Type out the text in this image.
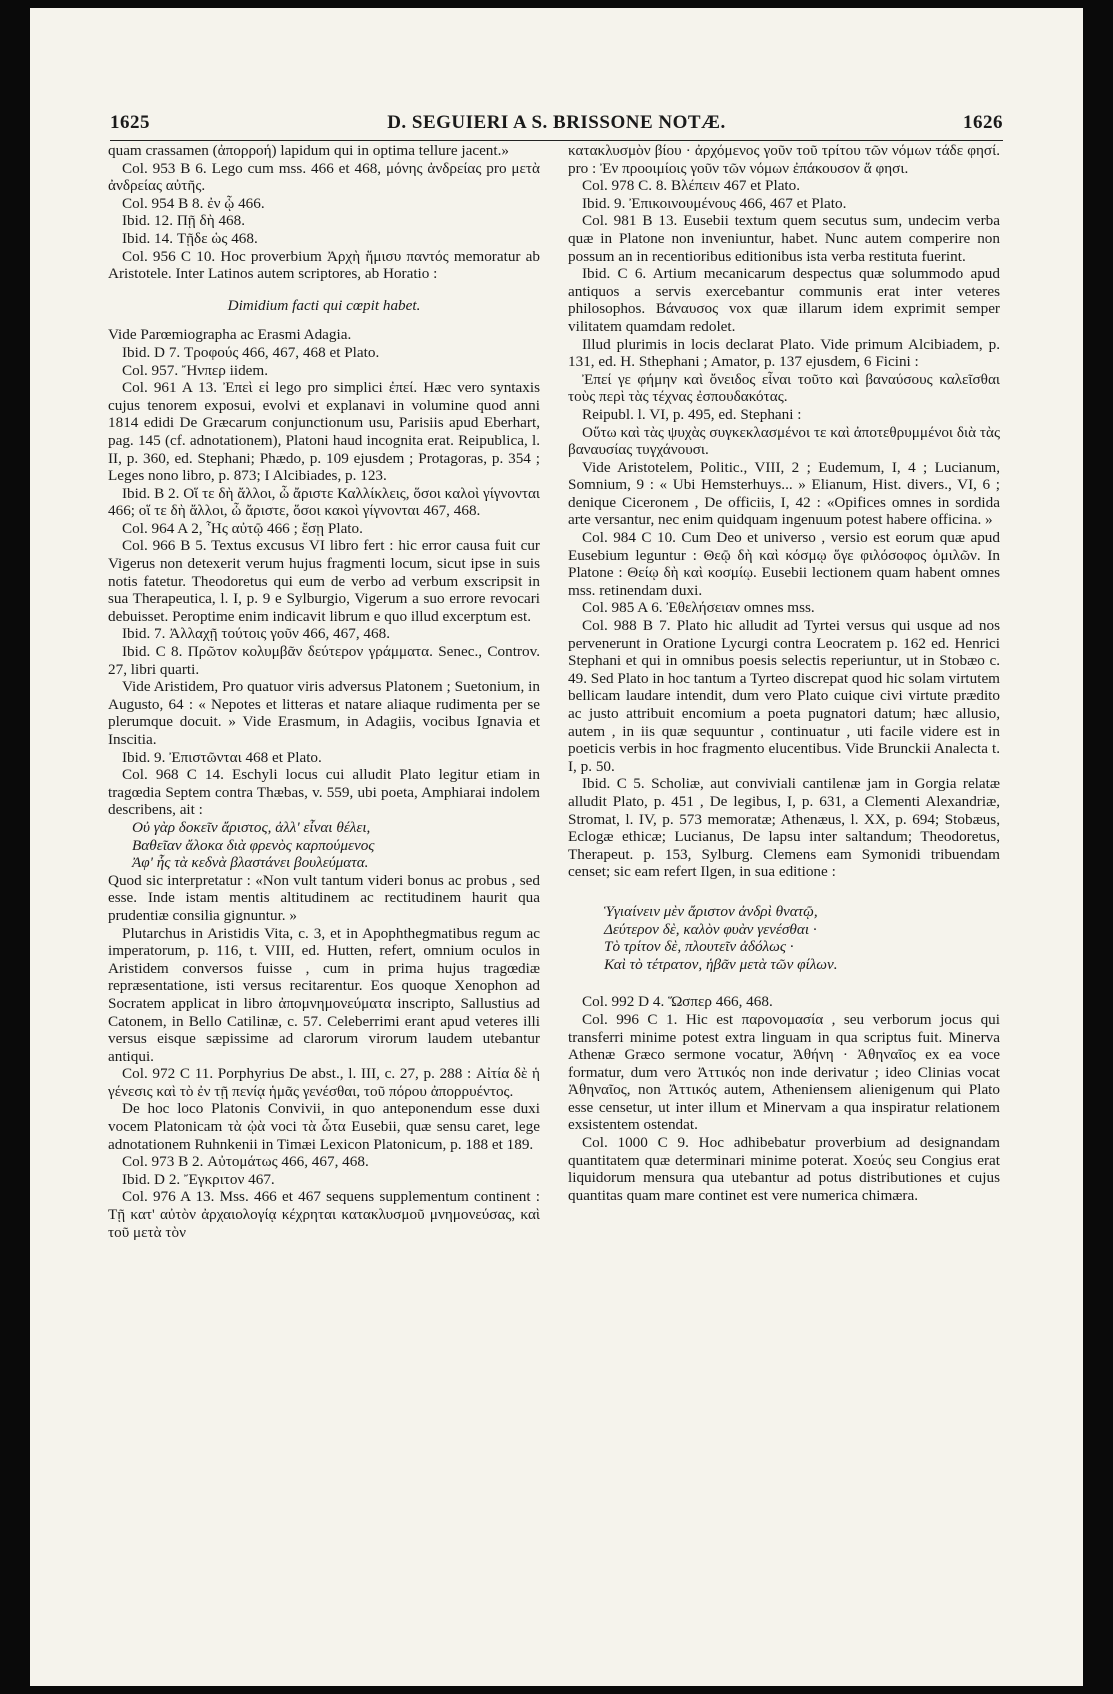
1625	D. SEGUIERI A S. BRISSONE NOTÆ.	1626

quam crassamen (ἀπορροή) lapidum qui in optima tellure jacent.»

Col. 953 B 6. Lego cum mss. 466 et 468, μόνης ἀνδρείας pro μετὰ ἀνδρείας αὐτῆς.

Col. 954 B 8. ἐν ᾧ 466.

Ibid. 12. Πῇ δὴ 468.

Ibid. 14. Τῇδε ὡς 468.

Col. 956 C 10. Hoc proverbium Ἀρχὴ ἥμισυ παντός memoratur ab Aristotele. Inter Latinos autem scriptores, ab Horatio :

Dimidium facti qui cœpit habet.

Vide Parœmiographa ac Erasmi Adagia.

Ibid. D 7. Τροφούς 466, 467, 468 et Plato.

Col. 957. Ἤνπερ iidem.

Col. 961 A 13. Ἐπεὶ εἰ lego pro simplici ἐπεί. Hæc vero syntaxis cujus tenorem exposui, evolvi et explanavi in volumine quod anni 1814 edidi De Græcarum conjunctionum usu, Parisiis apud Eberhart, pag. 145 (cf. adnotationem), Platoni haud incognita erat. Reipublica, l. II, p. 360, ed. Stephani; Phædo, p. 109 ejusdem ; Protagoras, p. 354 ; Leges nono libro, p. 873; I Alcibiades, p. 123.

Ibid. B 2. Οἵ τε δὴ ἄλλοι, ὦ ἄριστε Καλλίκλεις, ὅσοι καλοὶ γίγνονται 466; οἵ τε δὴ ἄλλοι, ὦ ἄριστε, ὅσοι κακοὶ γίγνονται 467, 468.

Col. 964 A 2, Ἧς αὐτῷ 466 ; ἔσῃ Plato.

Col. 966 B 5. Textus excusus VI libro fert : hic error causa fuit cur Vigerus non detexerit verum hujus fragmenti locum, sicut ipse in suis notis fatetur. Theodoretus qui eum de verbo ad verbum exscripsit in sua Therapeutica, l. I, p. 9 e Sylburgio, Vigerum a suo errore revocari debuisset. Peroptime enim indicavit librum e quo illud excerptum est.

Ibid. 7. Ἀλλαχῇ τούτοις γοῦν 466, 467, 468.

Ibid. C 8. Πρῶτον κολυμβᾶν δεύτερον γράμματα. Senec., Controv. 27, libri quarti.

Vide Aristidem, Pro quatuor viris adversus Platonem ; Suetonium, in Augusto, 64 : « Nepotes et litteras et natare aliaque rudimenta per se plerumque docuit. » Vide Erasmum, in Adagiis, vocibus Ignavia et Inscitia.

Ibid. 9. Ἐπιστῶνται 468 et Plato.

Col. 968 C 14. Eschyli locus cui alludit Plato legitur etiam in tragœdia Septem contra Thæbas, v. 559, ubi poeta, Amphiarai indolem describens, ait :

Οὐ γὰρ δοκεῖν ἄριστος, ἀλλ' εἶναι θέλει,

Βαθεῖαν ἄλοκα διὰ φρενὸς καρπούμενος

Ἀφ' ἧς τὰ κεδνὰ βλαστάνει βουλεύματα.

Quod sic interpretatur : «Non vult tantum videri bonus ac probus , sed esse. Inde istam mentis altitudinem ac rectitudinem haurit qua prudentiæ consilia gignuntur. »

Plutarchus in Aristidis Vita, c. 3, et in Apophthegmatibus regum ac imperatorum, p. 116, t. VIII, ed. Hutten, refert, omnium oculos in Aristidem conversos fuisse , cum in prima hujus tragœdiæ repræsentatione, isti versus recitarentur. Eos quoque Xenophon ad Socratem applicat in libro ἀπομνημονεύματα inscripto, Sallustius ad Catonem, in Bello Catilinæ, c. 57. Celeberrimi erant apud veteres illi versus eisque sæpissime ad clarorum virorum laudem utebantur antiqui.

Col. 972 C 11. Porphyrius De abst., l. III, c. 27, p. 288 : Αἰτία δὲ ἡ γένεσις καὶ τὸ ἐν τῇ πενίᾳ ἡμᾶς γενέσθαι, τοῦ πόρου ἀπορρυέντος.

De hoc loco Platonis Convivii, in quo anteponendum esse duxi vocem Platonicam τὰ ᾠὰ voci τὰ ὦτα Eusebii, quæ sensu caret, lege adnotationem Ruhnkenii in Timæi Lexicon Platonicum, p. 188 et 189.

Col. 973 B 2. Αὐτομάτως 466, 467, 468.

Ibid. D 2. Ἔγκριτον 467.

Col. 976 A 13. Mss. 466 et 467 sequens supplementum continent : Τῇ κατ' αὐτὸν ἀρχαιολογίᾳ κέχρηται κατακλυσμοῦ μνημονεύσας, καὶ τοῦ μετὰ τὸν

κατακλυσμὸν βίου · ἀρχόμενος γοῦν τοῦ τρίτου τῶν νόμων τάδε φησί. pro : Ἐν προοιμίοις γοῦν τῶν νόμων ἐπάκουσον ἅ φησι.

Col. 978 C. 8. Βλέπειν 467 et Plato.

Ibid. 9. Ἐπικοινουμένους 466, 467 et Plato.

Col. 981 B 13. Eusebii textum quem secutus sum, undecim verba quæ in Platone non inveniuntur, habet. Nunc autem comperire non possum an in recentioribus editionibus ista verba restituta fuerint.

Ibid. C 6. Artium mecanicarum despectus quæ solummodo apud antiquos a servis exercebantur communis erat inter veteres philosophos. Βάναυσος vox quæ illarum idem exprimit semper vilitatem quamdam redolet.

Illud plurimis in locis declarat Plato. Vide primum Alcibiadem, p. 131, ed. H. Sthephani ; Amator, p. 137 ejusdem, 6 Ficini :

Ἐπεί γε φήμην καὶ ὄνειδος εἶναι τοῦτο καὶ βαναύσους καλεῖσθαι τοὺς περὶ τὰς τέχνας ἐσπουδακότας.

Reipubl. l. VI, p. 495, ed. Stephani :

Οὕτω καὶ τὰς ψυχὰς συγκεκλασμένοι τε καὶ ἀποτεθρυμμένοι διὰ τὰς βαναυσίας τυγχάνουσι.

Vide Aristotelem, Politic., VIII, 2 ; Eudemum, I, 4 ; Lucianum, Somnium, 9 : « Ubi Hemsterhuys... » Elianum, Hist. divers., VI, 6 ; denique Ciceronem , De officiis, I, 42 : «Opifices omnes in sordida arte versantur, nec enim quidquam ingenuum potest habere officina. »

Col. 984 C 10. Cum Deo et universo , versio est eorum quæ apud Eusebium leguntur : Θεῷ δὴ καὶ κόσμῳ ὅγε φιλόσοφος ὁμιλῶν. In Platone : Θείῳ δὴ καὶ κοσμίῳ. Eusebii lectionem quam habent omnes mss. retinendam duxi.

Col. 985 A 6. Ἐθελήσειαν omnes mss.

Col. 988 B 7. Plato hic alludit ad Tyrtei versus qui usque ad nos pervenerunt in Oratione Lycurgi contra Leocratem p. 162 ed. Henrici Stephani et qui in omnibus poesis selectis reperiuntur, ut in Stobæo c. 49. Sed Plato in hoc tantum a Tyrteo discrepat quod hic solam virtutem bellicam laudare intendit, dum vero Plato cuique civi virtute prædito ac justo attribuit encomium a poeta pugnatori datum; hæc allusio, autem , in iis quæ sequuntur , continuatur , uti facile videre est in poeticis verbis in hoc fragmento elucentibus. Vide Brunckii Analecta t. I, p. 50.

Ibid. C 5. Scholiæ, aut conviviali cantilenæ jam in Gorgia relatæ alludit Plato, p. 451 , De legibus, I, p. 631, a Clementi Alexandriæ, Stromat, l. IV, p. 573 memoratæ; Athenæus, l. XX, p. 694; Stobæus, Eclogæ ethicæ; Lucianus, De lapsu inter saltandum; Theodoretus, Therapeut. p. 153, Sylburg. Clemens eam Symonidi tribuendam censet; sic eam refert Ilgen, in sua editione :

Ὑγιαίνειν μὲν ἄριστον ἀνδρὶ θνατῷ,

Δεύτερον δὲ, καλὸν φυὰν γενέσθαι ·

Τὸ τρίτον δὲ, πλουτεῖν ἀδόλως ·

Καὶ τὸ τέτρατον, ἡβᾶν μετὰ τῶν φίλων.

Col. 992 D 4. Ὥσπερ 466, 468.

Col. 996 C 1. Hic est παρονομασία , seu verborum jocus qui transferri minime potest extra linguam in qua scriptus fuit. Minerva Athenæ Græco sermone vocatur, Ἀθήνη · Ἀθηναῖος ex ea voce formatur, dum vero Ἀττικός non inde derivatur ; ideo Clinias vocat Ἀθηναῖος, non Ἀττικός autem, Atheniensem alienigenum qui Plato esse censetur, ut inter illum et Minervam a qua inspiratur relationem exsistentem ostendat.

Col. 1000 C 9. Hoc adhibebatur proverbium ad designandam quantitatem quæ determinari minime poterat. Χοεύς seu Congius erat liquidorum mensura qua utebantur ad potus distributiones et cujus quantitas quam mare continet est vere numerica chimæra.
